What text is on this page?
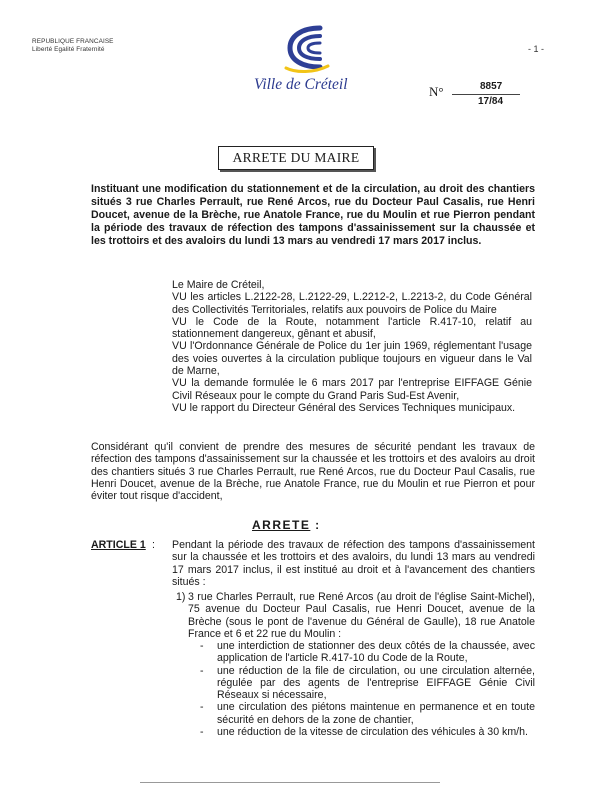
REPUBLIQUE FRANCAISE
Liberté Egalité Fraternité
Ville de Créteil
- 1 -
N°	8857
17/84
ARRETE DU MAIRE
Instituant une modification du stationnement et de la circulation, au droit des chantiers situés 3 rue Charles Perrault, rue René Arcos, rue du Docteur Paul Casalis, rue Henri Doucet, avenue de la Brèche, rue Anatole France, rue du Moulin et rue Pierron pendant la période des travaux de réfection des tampons d'assainissement sur la chaussée et les trottoirs et des avaloirs du lundi 13 mars au vendredi 17 mars 2017 inclus.

Le Maire de Créteil,

VU les articles L.2122-28, L.2122-29, L.2212-2, L.2213-2, du Code Général des Collectivités Territoriales, relatifs aux pouvoirs de Police du Maire

VU le Code de la Route, notamment l'article R.417-10, relatif au stationnement dangereux, gênant et abusif,

VU l'Ordonnance Générale de Police du 1er juin 1969, réglementant l'usage des voies ouvertes à la circulation publique toujours en vigueur dans le Val de Marne,

VU la demande formulée le 6 mars 2017 par l'entreprise EIFFAGE Génie Civil Réseaux pour le compte du Grand Paris Sud-Est Avenir,

VU le rapport du Directeur Général des Services Techniques municipaux.

Considérant qu'il convient de prendre des mesures de sécurité pendant les travaux de réfection des tampons d'assainissement sur la chaussée et les trottoirs et des avaloirs au droit des chantiers situés 3 rue Charles Perrault, rue René Arcos, rue du Docteur Paul Casalis, rue Henri Doucet, avenue de la Brèche, rue Anatole France, rue du Moulin et rue Pierron et pour éviter tout risque d'accident,
ARRETE :
ARTICLE 1 : Pendant la période des travaux de réfection des tampons d'assainissement sur la chaussée et les trottoirs et des avaloirs, du lundi 13 mars au vendredi 17 mars 2017 inclus, il est institué au droit et à l'avancement des chantiers situés :
1) 3 rue Charles Perrault, rue René Arcos (au droit de l'église Saint-Michel), 75 avenue du Docteur Paul Casalis, rue Henri Doucet, avenue de la Brèche (sous le pont de l'avenue du Général de Gaulle), 18 rue Anatole France et 6 et 22 rue du Moulin :
- une interdiction de stationner des deux côtés de la chaussée, avec application de l'article R.417-10 du Code de la Route,
- une réduction de la file de circulation, ou une circulation alternée, régulée par des agents de l'entreprise EIFFAGE Génie Civil Réseaux si nécessaire,
- une circulation des piétons maintenue en permanence et en toute sécurité en dehors de la zone de chantier,
- une réduction de la vitesse de circulation des véhicules à 30 km/h.
